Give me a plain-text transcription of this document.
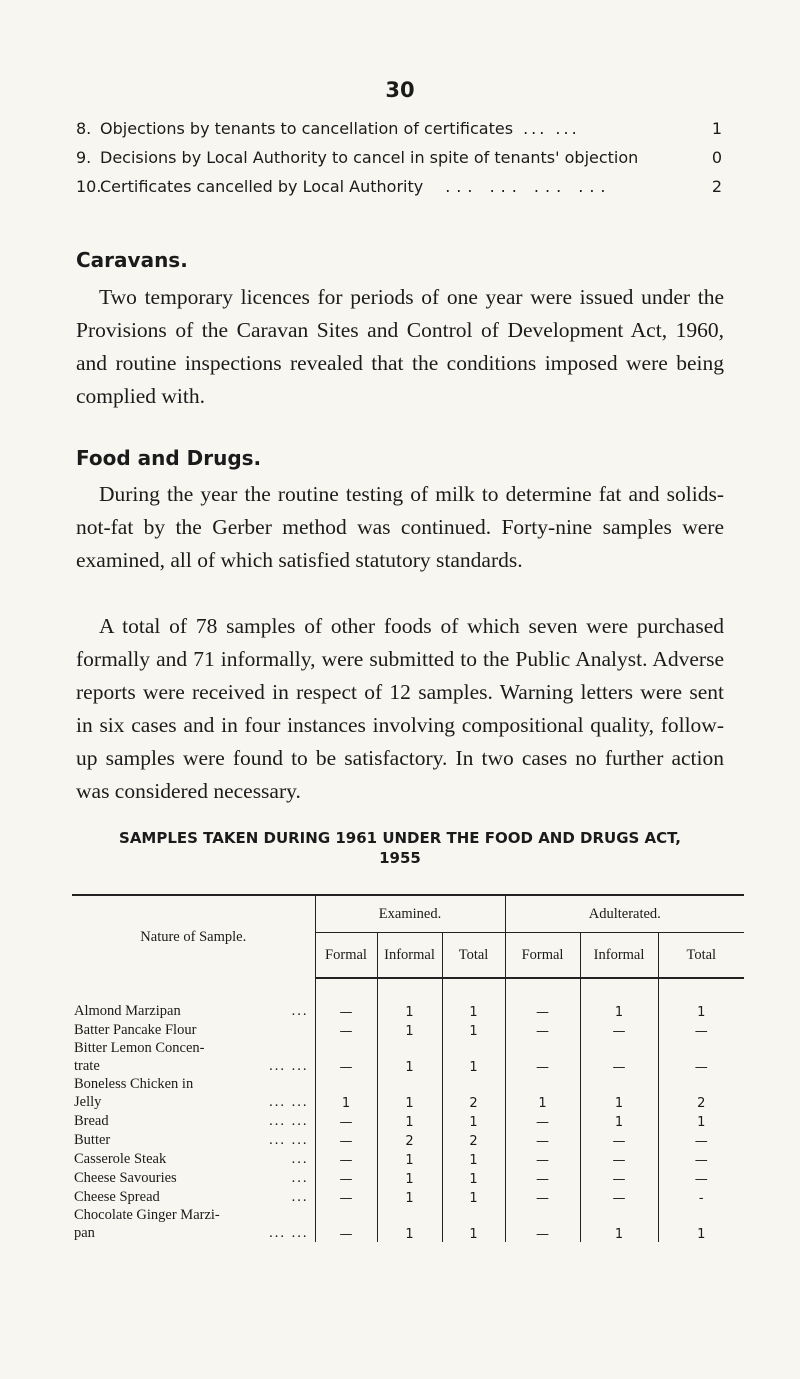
30
8. Objections by tenants to cancellation of certificates ... ...	1
9. Decisions by Local Authority to cancel in spite of tenants' objection	0
10.
Certificates cancelled by Local Authority ... ... ... ...	2
Caravans.

Two temporary licences for periods of one year were issued under the Provisions of the Caravan Sites and Control of Development Act, 1960, and routine inspections revealed that the conditions imposed were being complied with.

Food and Drugs.

During the year the routine testing of milk to determine fat and solids-not-fat by the Gerber method was continued. Forty-nine samples were examined, all of which satisfied statutory standards.

A total of 78 samples of other foods of which seven were purchased formally and 71 informally, were submitted to the Public Analyst. Adverse reports were received in respect of 12 samples. Warning letters were sent in six cases and in four instances involving compositional quality, follow-up samples were found to be satisfactory. In two cases no further action was considered necessary.

SAMPLES TAKEN DURING 1961 UNDER THE FOOD AND DRUGS ACT,
1955
Nature of Sample.	Examined.			Adulterated.		
	Formal	Informal	Total	Formal	Informal	Total

Almond Marzipan ...	—	1	1	—	1	1

Batter Pancake Flour	—	1	1	—	—	—

Bitter Lemon Concen-
trate ... ...	—	1	1	—	—	—

Boneless Chicken in
Jelly ... ...	1	1	2	1	1	2

Bread ... ...	—	1	1	—	1	1

Butter ... ...	—	2	2	—	—	—

Casserole Steak ...	—	1	1	—	—	—

Cheese Savouries ...	—	1	1	—	—	—

Cheese Spread ...	—	1	1	—	—	-

Chocolate Ginger Marzi-
pan ... ...	—	1	1	—	1	1
